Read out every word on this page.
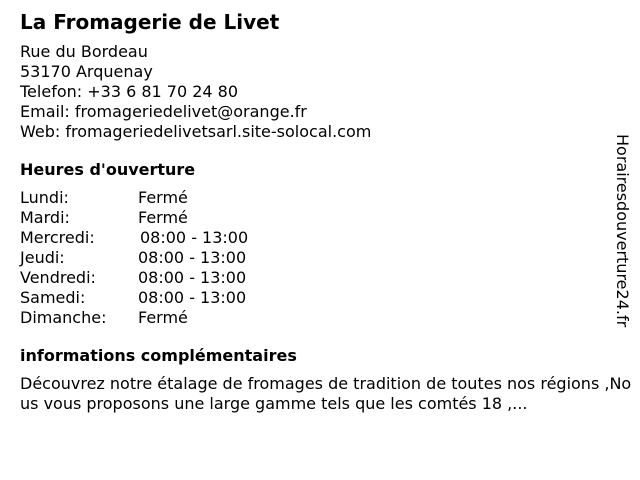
La Fromagerie de Livet
Rue du Bordeau
53170 Arquenay
Telefon: +33 6 81 70 24 80
Email: fromageriedelivet@orange.fr
Web: fromageriedelivetsarl.site-solocal.com
Heures d'ouverture
Lundi:	Fermé
Mardi:	Fermé
Mercredi:	08:00 - 13:00
Jeudi:	08:00 - 13:00
Vendredi:	08:00 - 13:00
Samedi:	08:00 - 13:00
Dimanche:	Fermé
informations complémentaires
Découvrez notre étalage de fromages de tradition de toutes nos régions ,Nous vous proposons une large gamme tels que les comtés 18 ,...
Horairesdouverture24.fr
